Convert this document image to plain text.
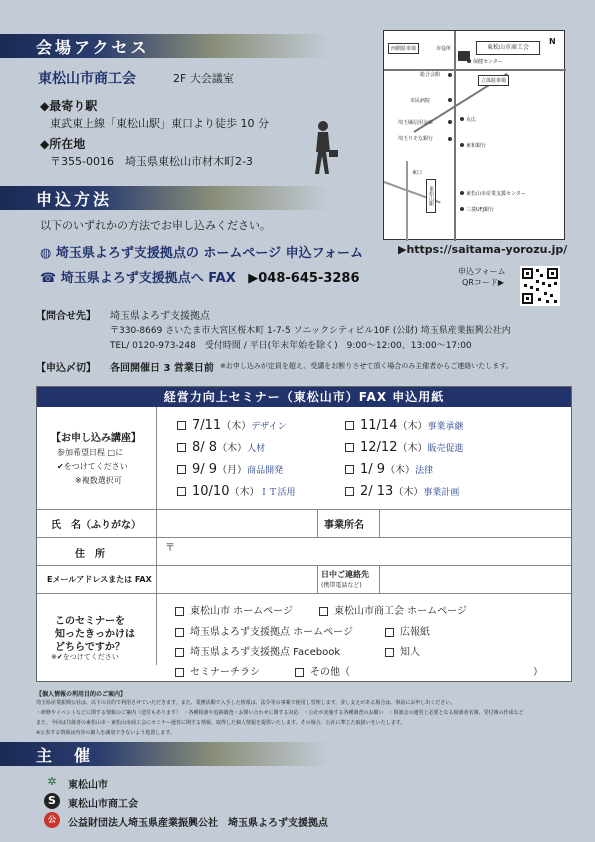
会場アクセス
東松山市商工会	2F 大会議室
◆最寄り駅
東武東上線「東松山駅」東口より徒歩 10 分
◆所在地
〒355-0016　埼玉県東松山市材木町2-3
東松山市商工会
西側駐車場
立体駐車場
市役所
N
保健センター
総合会館
市民病院
丸広
埼玉縣信用金庫
埼玉りそな銀行
東和銀行
東松山駅
東口
東松山市産業支援センター
三菱UFJ銀行
申込方法
以下のいずれかの方法でお申し込みください。
◍ 埼玉県よろず支援拠点の ホームページ 申込フォーム	▶https://saitama-yorozu.jp/
☎ 埼玉県よろず支援拠点へ FAX ▶048-645-3286	申込フォーム
QRコード▶
【問合せ先】 埼玉県よろず支援拠点
〒330-8669 さいたま市大宮区桜木町 1-7-5 ソニックシティビル10F (公財) 埼玉県産業振興公社内
TEL/ 0120-973-248　受付時間 / 平日(年末年始を除く)　9:00～12:00、13:00～17:00
【申込〆切】 各回開催日 3 営業日前 ※お申し込みが定員を超え、受講をお断りさせて頂く場合のみ主催者からご連絡いたします。
経営力向上セミナー（東松山市）FAX 申込用紙
【お申し込み講座】
参加希望日程 □に
✔をつけてください
※複数選択可
7/11（木）デザイン	11/14（木）事業承継
8/ 8（木）人材	12/12（木）販売促進
9/ 9（月）商品開発	1/ 9（木）法律
10/10（木）ＩＴ活用	2/ 13（木）事業計画
氏　名（ふりがな）	事業所名
住　所
〒
Eメールアドレスまたは FAX
日中ご連絡先
(携帯電話など)
このセミナーを
知ったきっかけは
どちらですか？
※✔をつけてください
東松山市 ホームページ	東松山市商工会 ホームページ
埼玉県よろず支援拠点 ホームページ	広報紙
埼玉県よろず支援拠点 Facebook	知人
セミナーチラシ	その他（	）
【個人情報の利用目的のご案内】
埼玉県産業振興公社は、以下の目的で利用させていただきます。また、業務活動で入手した情報は、法令等の事案で使用し管理します。並し支えがある場合は、事前にお申し出ください。
・研修やイベントなどに関する情報のご案内（送付もあります）　・各種相談や追跡調査・お問い合わせに関する対応　・公社が実施する各種調査のお願い　・相談会の運営上必要となる相談者名簿、受付簿の作成など
また、今回は共催者の東松山市・東松山市商工会にセミナー運営に関する情報、取得した個人情報を提供いたします。その場合、公社に準じた取扱いをいたします。
※公表する情報は内容の個人を識別できないよう処置します。
主　催
✲	東松山市
S	東松山市商工会
公	公益財団法人埼玉県産業振興公社　埼玉県よろず支援拠点
